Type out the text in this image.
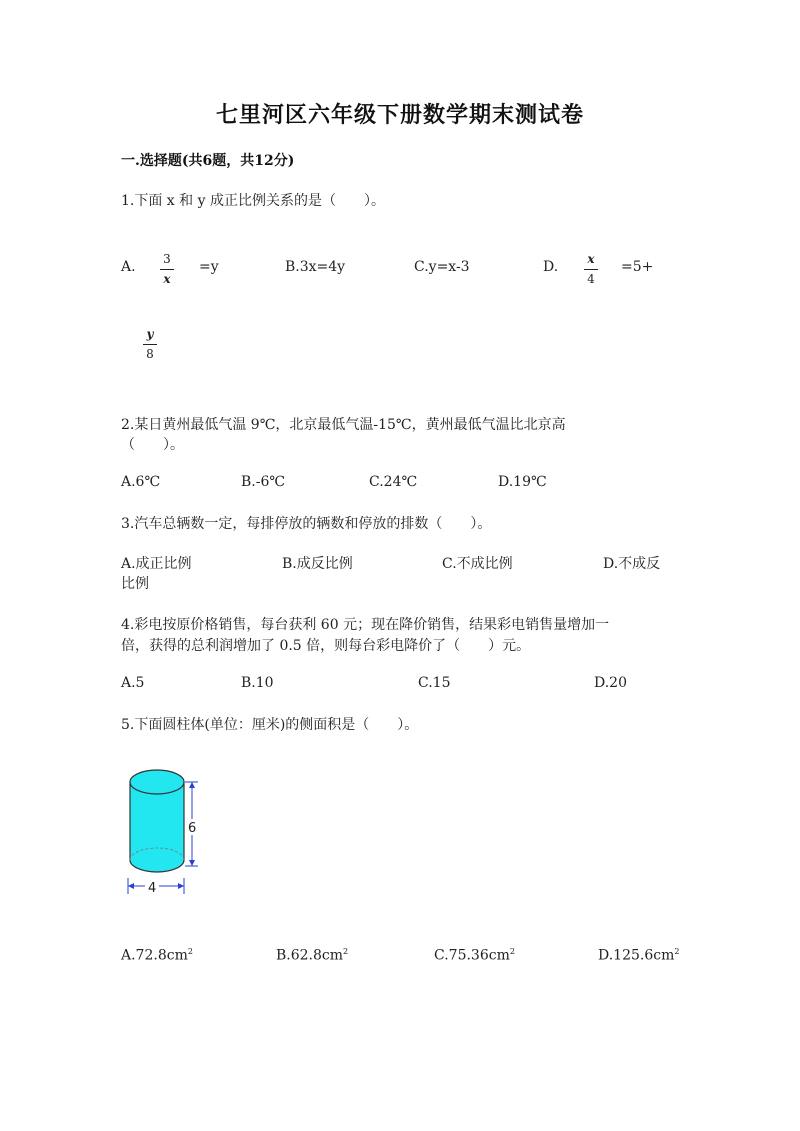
七里河区六年级下册数学期末测试卷
一.选择题(共6题，共12分)
1.下面 x 和 y 成正比例关系的是（　　）。
A. 3
x
=y	B.3x=4y	C.y=x-3	D. x
4
=5+
y
8
2.某日黄州最低气温 9℃，北京最低气温-15℃，黄州最低气温比北京高
（　　）。
A.6℃	B.-6℃	C.24℃	D.19℃
3.汽车总辆数一定，每排停放的辆数和停放的排数（　　）。
A.成正比例	B.成反比例	C.不成比例	D.不成反
比例
4.彩电按原价格销售，每台获利 60 元；现在降价销售，结果彩电销售量增加一
倍，获得的总利润增加了 0.5 倍，则每台彩电降价了（　　）元。
A.5	B.10	C.15	D.20
5.下面圆柱体(单位：厘米)的侧面积是（　　）。
6
4
$A.72.8cm^2$	$B.62.8cm^2$	$C.75.36cm^2$	$D.125.6cm^2$
